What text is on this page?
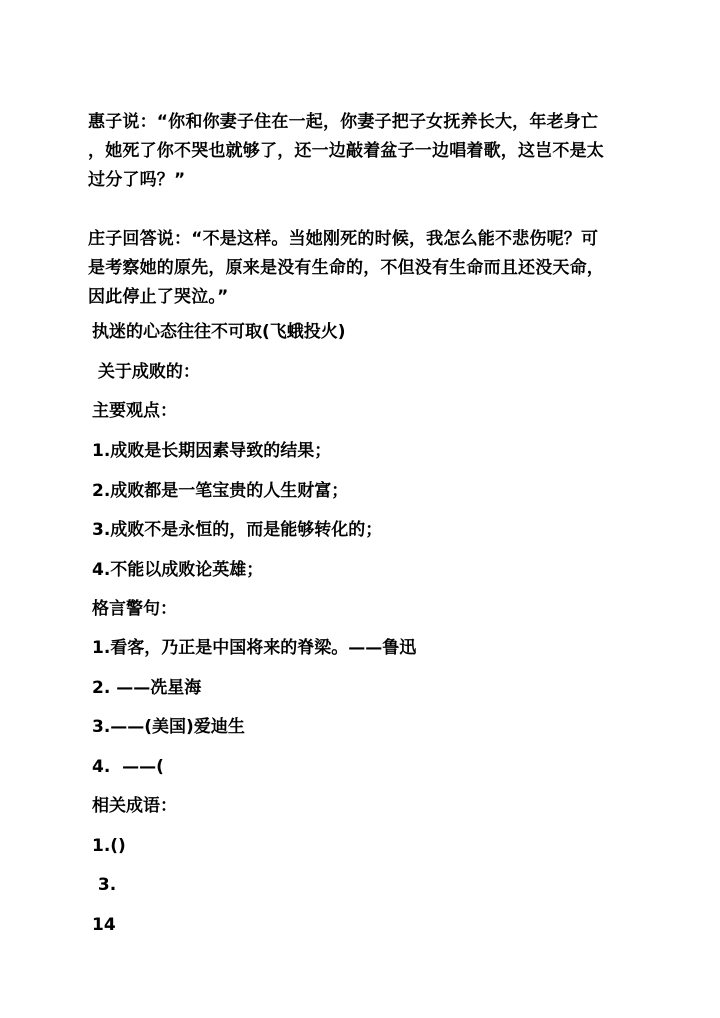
惠子说：“你和你妻子住在一起，你妻子把子女抚养长大，年老身亡
，她死了你不哭也就够了，还一边敲着盆子一边唱着歌，这岂不是太
过分了吗？”
庄子回答说：“不是这样。当她刚死的时候，我怎么能不悲伤呢？可
是考察她的原先，原来是没有生命的，不但没有生命而且还没天命，
因此停止了哭泣。”
执迷的心态往往不可取(飞蛾投火)
关于成败的：
主要观点：
1.成败是长期因素导致的结果；
2.成败都是一笔宝贵的人生财富；
3.成败不是永恒的，而是能够转化的；
4.不能以成败论英雄；
格言警句：
1.看客，乃正是中国将来的脊梁。——鲁迅
2. ——冼星海
3.——(美国)爱迪生
4.  ——(
相关成语：
1.()
3.
14
